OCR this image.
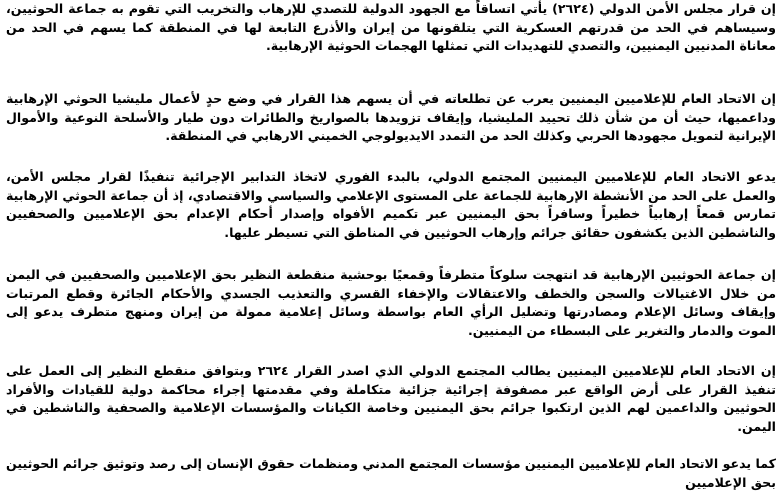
إن قرار مجلس الأمن الدولي (٢٦٢٤) يأتي اتساقاً مع الجهود الدولية للتصدي للإرهاب والتخريب التي تقوم به جماعة الحوثيين، وسيساهم في الحد من قدرتهم العسكرية التي يتلقونها من إيران والأذرع التابعة لها في المنطقة كما يسهم في الحد من معاناة المدنيين اليمنيين، والتصدي للتهديدات التي تمثلها الهجمات الحوثية الإرهابية.

إن الاتحاد العام للإعلاميين اليمنيين يعرب عن تطلعاته في أن يسهم هذا القرار في وضع حدٍ لأعمال مليشيا الحوثي الإرهابية وداعميها، حيث أن من شأن ذلك تحييد المليشيا، وإيقاف تزويدها بالصواريخ والطائرات دون طيار والأسلحة النوعية والأموال الإيرانية لتمويل مجهودها الحربي وكذلك الحد من التمدد الايديولوجي الخميني الارهابي في المنطقة.

يدعو الاتحاد العام للإعلاميين اليمنيين المجتمع الدولي، بالبدء الفوري لاتخاذ التدابير الإجرائية تنفيذًا لقرار مجلس الأمن، والعمل على الحد من الأنشطة الإرهابية للجماعة على المستوى الإعلامي والسياسي والاقتصادي، إذ أن جماعة الحوثي الإرهابية تمارس قمعاً إرهابياً خطيراً وسافراً بحق اليمنيين عبر تكميم الأفواه وإصدار أحكام الإعدام بحق الإعلاميين والصحفيين والناشطين الذين يكشفون حقائق جرائم وإرهاب الحوثيين في المناطق التي تسيطر عليها.

إن جماعة الحوثيين الإرهابية قد انتهجت سلوكاً متطرفاً وقمعيًا بوحشية منقطعة النظير بحق الإعلاميين والصحفيين في اليمن من خلال الاغتيالات والسجن والخطف والاعتقالات والإخفاء القسري والتعذيب الجسدي والأحكام الجائرة وقطع المرتبات وإيقاف وسائل الإعلام ومصادرتها وتضليل الرأي العام بواسطة وسائل إعلامية ممولة من إيران ومنهج متطرف يدعو إلى الموت والدمار والتغرير على البسطاء من اليمنيين.

إن الاتحاد العام للإعلاميين اليمنيين يطالب المجتمع الدولي الذي اصدر القرار ٢٦٢٤ وبتوافق منقطع النظير إلى العمل على تنفيذ القرار على أرض الواقع عبر مصفوفة إجرائية جزائية متكاملة وفي مقدمتها إجراء محاكمة دولية للقيادات والأفراد الحوثيين والداعمين لهم الذين ارتكبوا جرائم بحق اليمنيين وخاصة الكيانات والمؤسسات الإعلامية والصحفية والناشطين في اليمن.

كما يدعو الاتحاد العام للإعلاميين اليمنيين مؤسسات المجتمع المدني ومنظمات حقوق الإنسان إلى رصد وتوثيق جرائم الحوثيين بحق الإعلاميين
